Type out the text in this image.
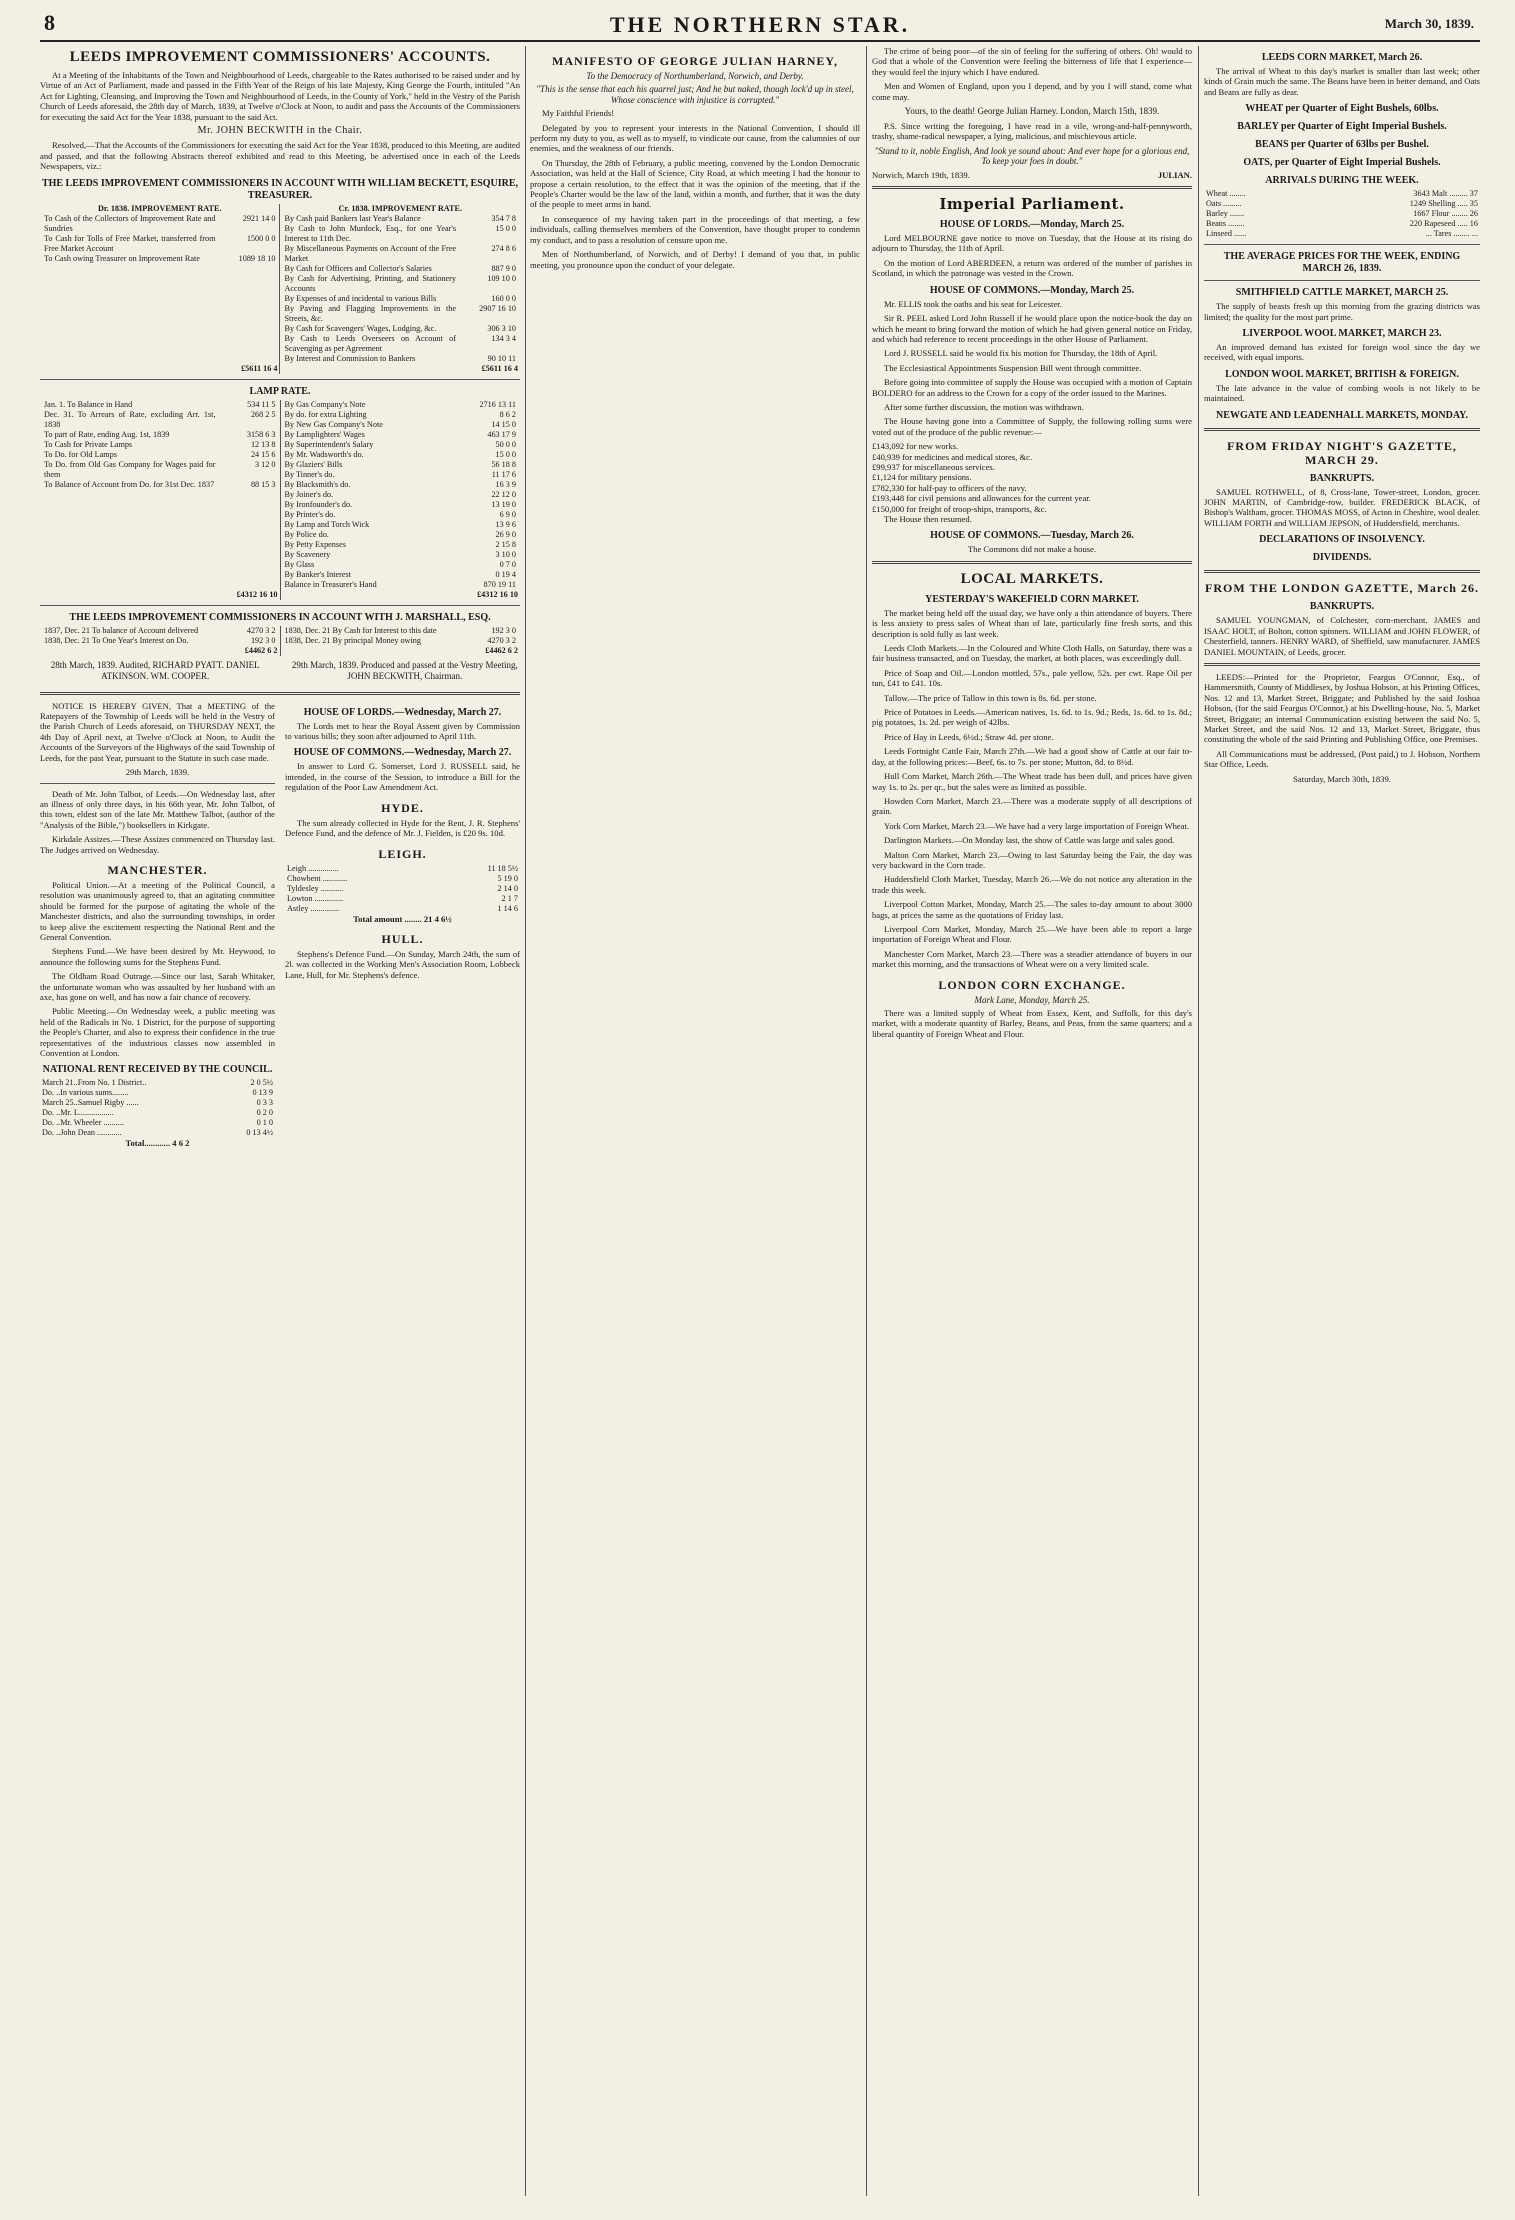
8	THE NORTHERN STAR.	March 30, 1839.
LEEDS IMPROVEMENT COMMISSIONERS' ACCOUNTS.

At a Meeting of the Inhabitants of the Town and Neighbourhood of Leeds, chargeable to the Rates authorised to be raised under and by Virtue of an Act of Parliament, made and passed in the Fifth Year of the Reign of his late Majesty, King George the Fourth, intituled "An Act for Lighting, Cleansing, and Improving the Town and Neighbourhood of Leeds, in the County of York," held in the Vestry of the Parish Church of Leeds aforesaid, the 28th day of March, 1839, at Twelve o'Clock at Noon, to audit and pass the Accounts of the Commissioners for executing the said Act for the Year 1838, pursuant to the said Act.

Mr. JOHN BECKWITH in the Chair.

Resolved,—That the Accounts of the Commissioners for executing the said Act for the Year 1838, produced to this Meeting, are audited and passed, and that the following Abstracts thereof exhibited and read to this Meeting, be advertised once in each of the Leeds Newspapers, viz.:

THE LEEDS IMPROVEMENT COMMISSIONERS IN ACCOUNT WITH WILLIAM BECKETT, ESQUIRE, TREASURER.
Dr. 1838. IMPROVEMENT RATE.	Cr. 1838. IMPROVEMENT RATE.

To Cash of the Collectors of Improvement Rate and Sundries	2921 14 0
To Cash for Tolls of Free Market, transferred from Free Market Account	1500 0 0
To Cash owing Treasurer on Improvement Rate	1089 18 10

By Cash paid Bankers last Year's Balance	354 7 8
By Cash to John Murdock, Esq., for one Year's Interest to 11th Dec.	15 0 0
By Miscellaneous Payments on Account of the Free Market	274 8 6
By Cash for Officers and Collector's Salaries	887 9 0
By Cash for Advertising, Printing, and Stationery Accounts	109 10 0
By Expenses of and incidental to various Bills	160 0 0
By Paving and Flagging Improvements in the Streets, &c.	2907 16 10
By Cash for Scavengers' Wages, Lodging, &c.	306 3 10
By Cash to Leeds Overseers on Account of Scavenging as per Agreement	134 3 4
By Interest and Commission to Bankers	90 10 11

	£5611 16 4		£5611 16 4
LAMP RATE.
Jan. 1. To Balance in Hand	534 11 5
Dec. 31. To Arrears of Rate, excluding Arr. 1st, 1838	268 2 5
To part of Rate, ending Aug. 1st, 1839	3158 6 3
To Cash for Private Lamps	12 13 8
To Do. for Old Lamps	24 15 6
To Do. from Old Gas Company for Wages paid for them	3 12 0
To Balance of Account from Do. for 31st Dec. 1837	88 15 3

By Gas Company's Note	2716 13 11
By do. for extra Lighting	8 6 2
By New Gas Company's Note	14 15 0
By Lamplighters' Wages	463 17 9
By Superintendent's Salary	50 0 0
By Mr. Wadsworth's do.	15 0 0
By Glaziers' Bills	56 18 8
By Tinner's do.	11 17 6
By Blacksmith's do.	16 3 9
By Joiner's do.	22 12 0
By Ironfounder's do.	13 19 0
By Printer's do.	6 9 0
By Lamp and Torch Wick	13 9 6
By Police do.	26 9 0
By Petty Expenses	2 15 8
By Scavenery	3 10 0
By Glass	0 7 0
By Banker's Interest	0 19 4
Balance in Treasurer's Hand	870 19 11

£4312 16 10	£4312 16 10
THE LEEDS IMPROVEMENT COMMISSIONERS IN ACCOUNT WITH J. MARSHALL, ESQ.
1837, Dec. 21 To balance of Account delivered	4270 3 2
1838, Dec. 21 To One Year's Interest on Do.	192 3 0

1838, Dec. 21 By Cash for Interest to this date	192 3 0
1838, Dec. 21 By principal Money owing	4270 3 2

£4462 6 2	£4462 6 2
28th March, 1839. Audited, RICHARD PYATT. DANIEL ATKINSON. WM. COOPER.
29th March, 1839. Produced and passed at the Vestry Meeting, JOHN BECKWITH, Chairman.

NOTICE IS HEREBY GIVEN, That a MEETING of the Ratepayers of the Township of Leeds will be held in the Vestry of the Parish Church of Leeds aforesaid, on THURSDAY NEXT, the 4th Day of April next, at Twelve o'Clock at Noon, to Audit the Accounts of the Surveyors of the Highways of the said Township of Leeds, for the past Year, pursuant to the Statute in such case made.

29th March, 1839.

Death of Mr. John Talbot, of Leeds.—On Wednesday last, after an illness of only three days, in his 66th year, Mr. John Talbot, of this town, eldest son of the late Mr. Matthew Talbot, (author of the "Analysis of the Bible,") booksellers in Kirkgate.

Kirkdale Assizes.—These Assizes commenced on Thursday last. The Judges arrived on Wednesday.

MANCHESTER.

Political Union.—At a meeting of the Political Council, a resolution was unanimously agreed to, that an agitating committee should be formed for the purpose of agitating the whole of the Manchester districts, and also the surrounding townships, in order to keep alive the excitement respecting the National Rent and the General Convention.

Stephens Fund.—We have been desired by Mr. Heywood, to announce the following sums for the Stephens Fund.

The Oldham Road Outrage.—Since our last, Sarah Whitaker, the unfortunate woman who was assaulted by her husband with an axe, has gone on well, and has now a fair chance of recovery.

Public Meeting.—On Wednesday week, a public meeting was held of the Radicals in No. 1 District, for the purpose of supporting the People's Charter, and also to express their confidence in the true representatives of the industrious classes now assembled in Convention at London.

NATIONAL RENT RECEIVED BY THE COUNCIL.
March 21..From No. 1 District..	2 0 5½
Do. ..In various sums........	0 13 9
March 25..Samuel Rigby ......	0 3 3
Do. ..Mr. L.................	0 2 0
Do. ..Mr. Wheeler ..........	0 1 0
Do. ..John Dean ............	0 13 4½
Total............ 4 6 2
HOUSE OF LORDS.—Wednesday, March 27.

The Lords met to hear the Royal Assent given by Commission to various bills; they soon after adjourned to April 11th.

HOUSE OF COMMONS.—Wednesday, March 27.

In answer to Lord G. Somerset, Lord J. RUSSELL said, he intended, in the course of the Session, to introduce a Bill for the regulation of the Poor Law Amendment Act.

HYDE.

The sum already collected in Hyde for the Rent, J. R. Stephens' Defence Fund, and the defence of Mr. J. Fielden, is £20 9s. 10d.

LEIGH.
Leigh ...............	11 18 5½
Chowbent ............	5 19 0
Tyldesley ...........	2 14 0
Lowton ..............	2 1 7
Astley ..............	1 14 6
Total amount ........ 21 4 6½
HULL.

Stephens's Defence Fund.—On Sunday, March 24th, the sum of 2l. was collected in the Working Men's Association Room, Lobbeck Lane, Hull, for Mr. Stephens's defence.

MANIFESTO OF GEORGE JULIAN HARNEY,
To the Democracy of Northumberland, Norwich, and Derby.
"This is the sense that each his quarrel just; And he but naked, though lock'd up in steel, Whose conscience with injustice is corrupted."

My Faithful Friends!

Delegated by you to represent your interests in the National Convention, I should ill perform my duty to you, as well as to myself, to vindicate our cause, from the calumnies of our enemies, and the weakness of our friends.

On Thursday, the 28th of February, a public meeting, convened by the London Democratic Association, was held at the Hall of Science, City Road, at which meeting I had the honour to propose a certain resolution, to the effect that it was the opinion of the meeting, that if the People's Charter would be the law of the land, within a month, and further, that it was the duty of the people to meet arms in hand.

In consequence of my having taken part in the proceedings of that meeting, a few individuals, calling themselves members of the Convention, have thought proper to condemn my conduct, and to pass a resolution of censure upon me.

Men of Northumberland, of Norwich, and of Derby! I demand of you that, in public meeting, you pronounce upon the conduct of your delegate.

The crime of being poor—of the sin of feeling for the suffering of others. Oh! would to God that a whole of the Convention were feeling the bitterness of life that I experience—they would feel the injury which I have endured.

Men and Women of England, upon you I depend, and by you I will stand, come what come may.

Yours, to the death! George Julian Harney. London, March 15th, 1839.

P.S. Since writing the foregoing, I have read in a vile, wrong-and-half-pennyworth, trashy, shame-radical newspaper, a lying, malicious, and mischievous article.

"Stand to it, noble English, And look ye sound about: And ever hope for a glorious end, To keep your foes in doubt."
Norwich, March 19th, 1839.	JULIAN.
Imperial Parliament.
HOUSE OF LORDS.—Monday, March 25.

Lord MELBOURNE gave notice to move on Tuesday, that the House at its rising do adjourn to Thursday, the 11th of April.

On the motion of Lord ABERDEEN, a return was ordered of the number of parishes in Scotland, in which the patronage was vested in the Crown.

HOUSE OF COMMONS.—Monday, March 25.

Mr. ELLIS took the oaths and his seat for Leicester.

Sir R. PEEL asked Lord John Russell if he would place upon the notice-book the day on which he meant to bring forward the motion of which he had given general notice on Friday, and which had reference to recent proceedings in the other House of Parliament.

Lord J. RUSSELL said he would fix his motion for Thursday, the 18th of April.

The Ecclesiastical Appointments Suspension Bill went through committee.

Before going into committee of supply the House was occupied with a motion of Captain BOLDERO for an address to the Crown for a copy of the order issued to the Marines.

After some further discussion, the motion was withdrawn.

The House having gone into a Committee of Supply, the following rolling sums were voted out of the produce of the public revenue:—

£143,092 for new works.
£40,939 for medicines and medical stores, &c.
£99,937 for miscellaneous services.
£1,124 for military pensions.
£782,330 for half-pay to officers of the navy.
£193,448 for civil pensions and allowances for the current year.
£150,000 for freight of troop-ships, transports, &c.

The House then resumed.

HOUSE OF COMMONS.—Tuesday, March 26.

The Commons did not make a house.

LOCAL MARKETS.
YESTERDAY'S WAKEFIELD CORN MARKET.

The market being held off the usual day, we have only a thin attendance of buyers. There is less anxiety to press sales of Wheat than of late, particularly fine fresh sorts, and this description is sold fully as last week.

Leeds Cloth Markets.—In the Coloured and White Cloth Halls, on Saturday, there was a fair business transacted, and on Tuesday, the market, at both places, was exceedingly dull.

Price of Soap and Oil.—London mottled, 57s., pale yellow, 52s. per cwt. Rape Oil per tun, £41 to £41. 10s.

Tallow.—The price of Tallow in this town is 8s. 6d. per stone.

Price of Potatoes in Leeds.—American natives, 1s. 6d. to 1s. 9d.; Reds, 1s. 6d. to 1s. 8d.; pig potatoes, 1s. 2d. per weigh of 42lbs.

Price of Hay in Leeds, 6½d.; Straw 4d. per stone.

Leeds Fortnight Cattle Fair, March 27th.—We had a good show of Cattle at our fair to-day, at the following prices:—Beef, 6s. to 7s. per stone; Mutton, 8d. to 8½d.

Hull Corn Market, March 26th.—The Wheat trade has been dull, and prices have given way 1s. to 2s. per qr., but the sales were as limited as possible.

Howden Corn Market, March 23.—There was a moderate supply of all descriptions of grain.

York Corn Market, March 23.—We have had a very large importation of Foreign Wheat.

Darlington Markets.—On Monday last, the show of Cattle was large and sales good.

Malton Corn Market, March 23.—Owing to last Saturday being the Fair, the day was very backward in the Corn trade.

Huddersfield Cloth Market, Tuesday, March 26.—We do not notice any alteration in the trade this week.

Liverpool Cotton Market, Monday, March 25.—The sales to-day amount to about 3000 bags, at prices the same as the quotations of Friday last.

Liverpool Corn Market, Monday, March 25.—We have been able to report a large importation of Foreign Wheat and Flour.

Manchester Corn Market, March 23.—There was a steadier attendance of buyers in our market this morning, and the transactions of Wheat were on a very limited scale.

LONDON CORN EXCHANGE.
Mark Lane, Monday, March 25.

There was a limited supply of Wheat from Essex, Kent, and Suffolk, for this day's market, with a moderate quantity of Barley, Beans, and Peas, from the same quarters; and a liberal quantity of Foreign Wheat and Flour.

LEEDS CORN MARKET, March 26.

The arrival of Wheat to this day's market is smaller than last week; other kinds of Grain much the same. The Beans have been in better demand, and Oats and Beans are fully as dear.

WHEAT per Quarter of Eight Bushels, 60lbs.
BARLEY per Quarter of Eight Imperial Bushels.
BEANS per Quarter of 63lbs per Bushel.
OATS, per Quarter of Eight Imperial Bushels.
ARRIVALS DURING THE WEEK.
Wheat ........	3643 Malt ......... 37
Oats .........	1249 Shelling ..... 35
Barley .......	1667 Flour ........ 26
Beans ........	220 Rapeseed ..... 16
Linseed ......	... Tares ........ ...
THE AVERAGE PRICES FOR THE WEEK, ENDING MARCH 26, 1839.
SMITHFIELD CATTLE MARKET, MARCH 25.

The supply of beasts fresh up this morning from the grazing districts was limited; the quality for the most part prime.

LIVERPOOL WOOL MARKET, MARCH 23.

An improved demand has existed for foreign wool since the day we received, with equal imports.

LONDON WOOL MARKET, BRITISH & FOREIGN.

The late advance in the value of combing wools is not likely to be maintained.

NEWGATE AND LEADENHALL MARKETS, MONDAY.
FROM FRIDAY NIGHT'S GAZETTE, MARCH 29.
BANKRUPTS.

SAMUEL ROTHWELL, of 8, Cross-lane, Tower-street, London, grocer. JOHN MARTIN, of Cambridge-row, builder. FREDERICK BLACK, of Bishop's Waltham, grocer. THOMAS MOSS, of Acton in Cheshire, wool dealer. WILLIAM FORTH and WILLIAM JEPSON, of Huddersfield, merchants.

DECLARATIONS OF INSOLVENCY.
DIVIDENDS.
FROM THE LONDON GAZETTE, March 26.
BANKRUPTS.

SAMUEL YOUNGMAN, of Colchester, corn-merchant. JAMES and ISAAC HOLT, of Bolton, cotton spinners. WILLIAM and JOHN FLOWER, of Chesterfield, tanners. HENRY WARD, of Sheffield, saw manufacturer. JAMES DANIEL MOUNTAIN, of Leeds, grocer.

LEEDS:—Printed for the Proprietor, Feargus O'Connor, Esq., of Hammersmith, County of Middlesex, by Joshua Hobson, at his Printing Offices, Nos. 12 and 13, Market Street, Briggate; and Published by the said Joshua Hobson, (for the said Feargus O'Connor,) at his Dwelling-house, No. 5, Market Street, Briggate; an internal Communication existing between the said No. 5, Market Street, and the said Nos. 12 and 13, Market Street, Briggate, thus constituting the whole of the said Printing and Publishing Office, one Premises.

All Communications must be addressed, (Post paid,) to J. Hobson, Northern Star Office, Leeds.

Saturday, March 30th, 1839.
